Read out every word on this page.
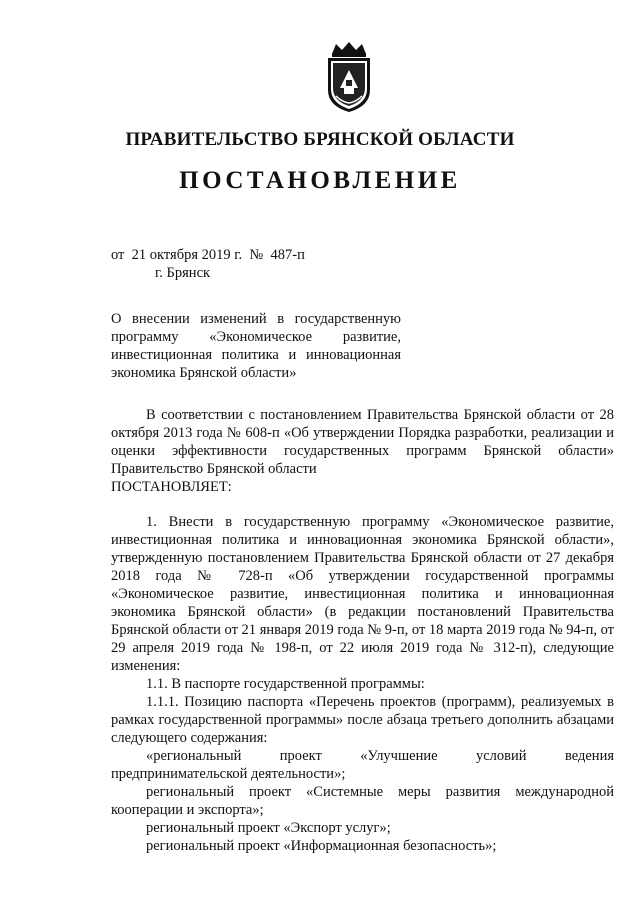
ПРАВИТЕЛЬСТВО БРЯНСКОЙ ОБЛАСТИ
ПОСТАНОВЛЕНИЕ
от  21 октября 2019 г.  №  487-п
г. Брянск
О внесении изменений в государственную программу «Экономическое развитие, инвестиционная политика и инновационная экономика Брянской области»

В соответствии с постановлением Правительства Брянской области от 28 октября 2013 года № 608-п «Об утверждении Порядка разработки, реализации и оценки эффективности государственных программ Брянской области» Правительство Брянской области

ПОСТАНОВЛЯЕТ:

1. Внести в государственную программу «Экономическое развитие, инвестиционная политика и инновационная экономика Брянской области», утвержденную постановлением Правительства Брянской области от 27 декабря 2018 года № 728-п «Об утверждении государственной программы «Экономическое развитие, инвестиционная политика и инновационная экономика Брянской области» (в редакции постановлений Правительства Брянской области от 21 января 2019 года № 9-п, от 18 марта 2019 года № 94-п, от 29 апреля 2019 года № 198-п, от 22 июля 2019 года № 312-п), следующие изменения:

1.1. В паспорте государственной программы:

1.1.1. Позицию паспорта «Перечень проектов (программ), реализуемых в рамках государственной программы» после абзаца третьего дополнить абзацами следующего содержания:

«региональный проект «Улучшение условий ведения предпринимательской деятельности»;

региональный проект «Системные меры развития международной кооперации и экспорта»;

региональный проект «Экспорт услуг»;

региональный проект «Информационная безопасность»;
